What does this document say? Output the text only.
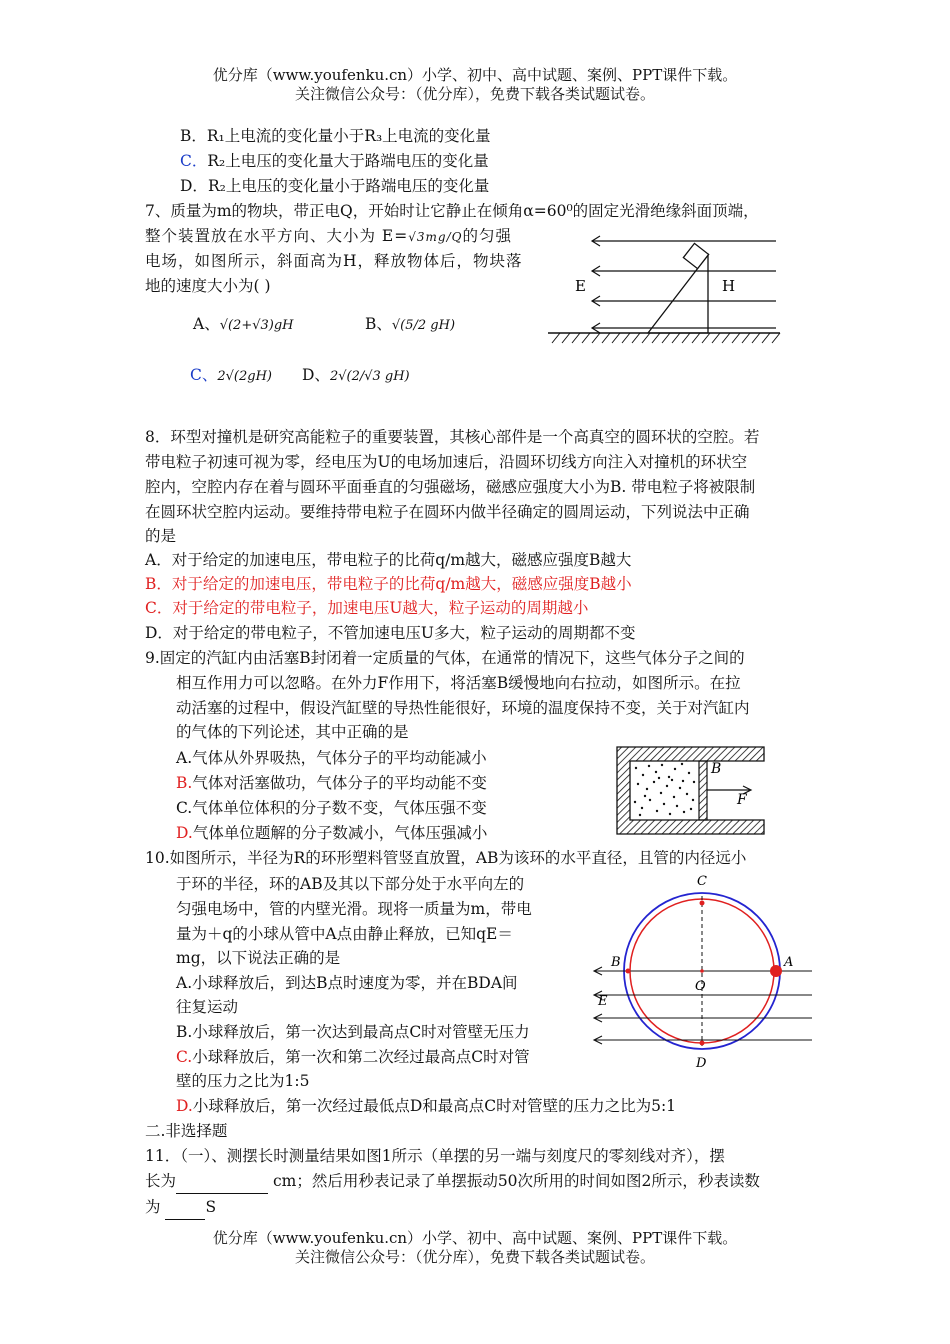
优分库（www.youfenku.cn）小学、初中、高中试题、案例、PPT课件下载。
关注微信公众号：（优分库），免费下载各类试题试卷。
B．R₁上电流的变化量小于R₃上电流的变化量
C．R₂上电压的变化量大于路端电压的变化量
D．R₂上电压的变化量小于路端电压的变化量
7、质量为m的物块，带正电Q，开始时让它静止在倾角α=60⁰的固定光滑绝缘斜面顶端，
整个装置放在水平方向、大小为 E=√3mg/Q的匀强
电场，如图所示，斜面高为H，释放物体后，物块落
地的速度大小为( )
A、√(2+√3)gH	B、√(5/2 gH)
C、2√(2gH) D、2√(2/√3 gH)
E	H
8．环型对撞机是研究高能粒子的重要装置，其核心部件是一个高真空的圆环状的空腔。若
带电粒子初速可视为零，经电压为U的电场加速后，沿圆环切线方向注入对撞机的环状空
腔内，空腔内存在着与圆环平面垂直的匀强磁场，磁感应强度大小为B. 带电粒子将被限制
在圆环状空腔内运动。要维持带电粒子在圆环内做半径确定的圆周运动，下列说法中正确
的是
A．对于给定的加速电压，带电粒子的比荷q/m越大，磁感应强度B越大
B．对于给定的加速电压，带电粒子的比荷q/m越大，磁感应强度B越小
C．对于给定的带电粒子，加速电压U越大，粒子运动的周期越小
D．对于给定的带电粒子，不管加速电压U多大，粒子运动的周期都不变
9.固定的汽缸内由活塞B封闭着一定质量的气体，在通常的情况下，这些气体分子之间的
相互作用力可以忽略。在外力F作用下，将活塞B缓慢地向右拉动，如图所示。在拉
动活塞的过程中，假设汽缸壁的导热性能很好，环境的温度保持不变，关于对汽缸内
的气体的下列论述，其中正确的是
A.气体从外界吸热，气体分子的平均动能减小
B.气体对活塞做功，气体分子的平均动能不变
C.气体单位体积的分子数不变，气体压强不变
D.气体单位题解的分子数减小，气体压强减小
B
F
10.如图所示，半径为R的环形塑料管竖直放置，AB为该环的水平直径，且管的内径远小
于环的半径，环的AB及其以下部分处于水平向左的
匀强电场中，管的内壁光滑。现将一质量为m，带电
量为＋q的小球从管中A点由静止释放，已知qE＝
mg，以下说法正确的是
A.小球释放后，到达B点时速度为零，并在BDA间
往复运动
B.小球释放后，第一次达到最高点C时对管壁无压力
C.小球释放后，第一次和第二次经过最高点C时对管
壁的压力之比为1:5
D.小球释放后，第一次经过最低点D和最高点C时对管壁的压力之比为5:1
C
B	A
O
E
D
二.非选择题
11．（一）、测摆长时测量结果如图1所示（单摆的另一端与刻度尺的零刻线对齐），摆
长为	cm；然后用秒表记录了单摆振动50次所用的时间如图2所示，秒表读数
为	S
优分库（www.youfenku.cn）小学、初中、高中试题、案例、PPT课件下载。
关注微信公众号：（优分库），免费下载各类试题试卷。
